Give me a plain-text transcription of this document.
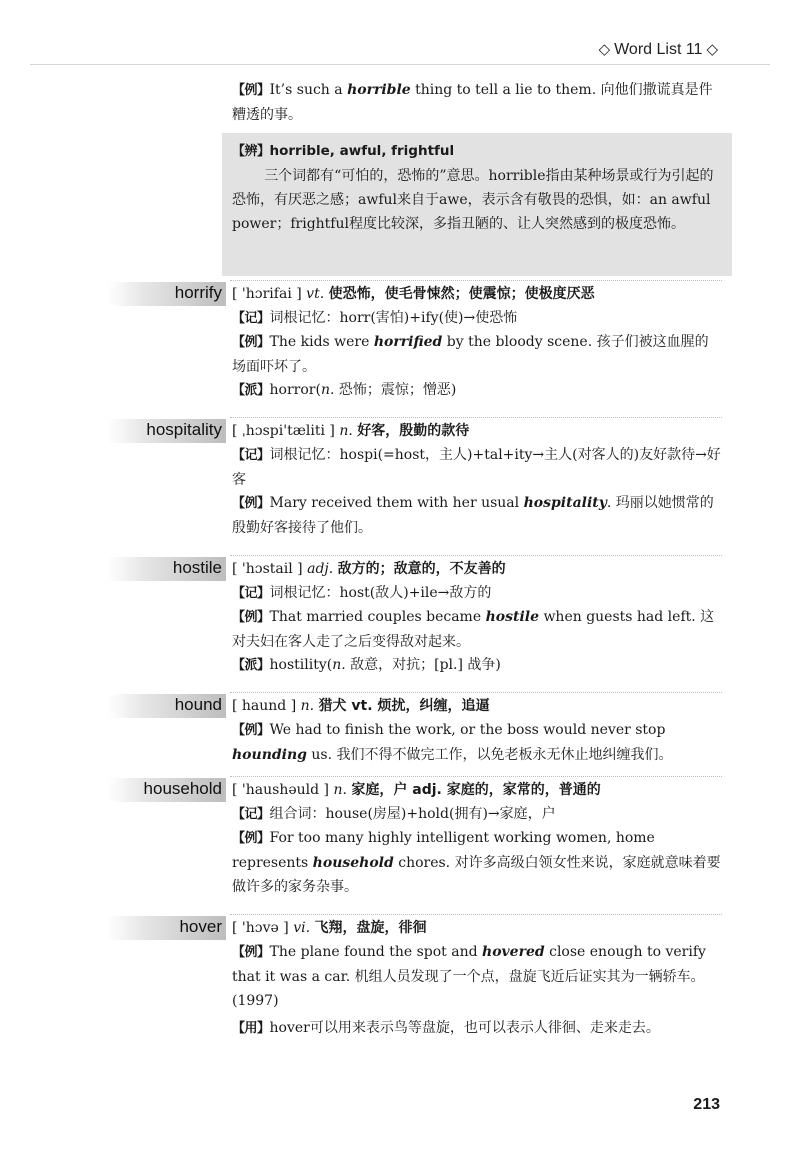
◇ Word List 11 ◇
【例】It’s such a horrible thing to tell a lie to them. 向他们撒谎真是件糟透的事。
【辨】horrible, awful, frightful
三个词都有“可怕的，恐怖的”意思。horrible指由某种场景或行为引起的恐怖，有厌恶之感；awful来自于awe，表示含有敬畏的恐惧，如：an awful power；frightful程度比较深，多指丑陋的、让人突然感到的极度恐怖。
horrify [ 'hɔrifai ] vt. 使恐怖，使毛骨悚然；使震惊；使极度厌恶
【记】词根记忆：horr(害怕)+ify(使)→使恐怖
【例】The kids were horrified by the bloody scene. 孩子们被这血腥的场面吓坏了。
【派】horror(n. 恐怖；震惊；憎恶)
hospitality [ ˌhɔspi'tæliti ] n. 好客，殷勤的款待
【记】词根记忆：hospi(=host，主人)+tal+ity→主人(对客人的)友好款待→好客
【例】Mary received them with her usual hospitality. 玛丽以她惯常的殷勤好客接待了他们。
hostile [ 'hɔstail ] adj. 敌方的；敌意的，不友善的
【记】词根记忆：host(敌人)+ile→敌方的
【例】That married couples became hostile when guests had left. 这对夫妇在客人走了之后变得敌对起来。
【派】hostility(n. 敌意，对抗；[pl.] 战争)
hound [ haund ] n. 猎犬 vt. 烦扰，纠缠，追逼
【例】We had to finish the work, or the boss would never stop hounding us. 我们不得不做完工作，以免老板永无休止地纠缠我们。
household [ 'haushəuld ] n. 家庭，户 adj. 家庭的，家常的，普通的
【记】组合词：house(房屋)+hold(拥有)→家庭，户
【例】For too many highly intelligent working women, home represents household chores. 对许多高级白领女性来说，家庭就意味着要做许多的家务杂事。
hover [ 'hɔvə ] vi. 飞翔，盘旋，徘徊
【例】The plane found the spot and hovered close enough to verify that it was a car. 机组人员发现了一个点，盘旋飞近后证实其为一辆轿车。(1997)
【用】hover可以用来表示鸟等盘旋，也可以表示人徘徊、走来走去。
213
